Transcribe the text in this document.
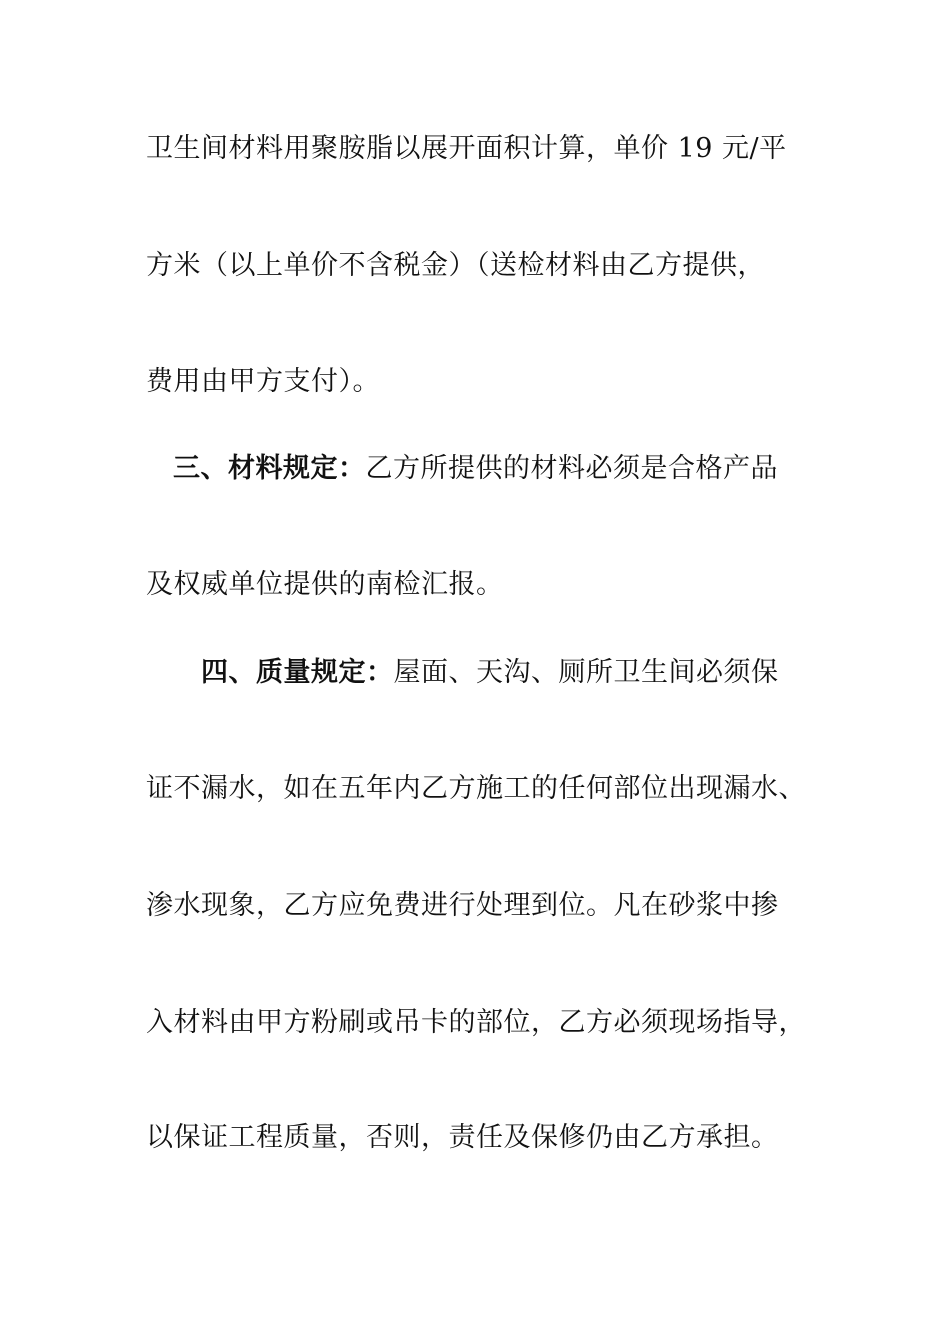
卫生间材料用聚胺脂以展开面积计算，单价 19 元/平
方米（以上单价不含税金）（送检材料由乙方提供，
费用由甲方支付）。
三、材料规定：乙方所提供的材料必须是合格产品
及权威单位提供的南检汇报。
四、质量规定：屋面、天沟、厕所卫生间必须保
证不漏水，如在五年内乙方施工的任何部位出现漏水、
渗水现象，乙方应免费进行处理到位。凡在砂浆中掺
入材料由甲方粉刷或吊卡的部位，乙方必须现场指导，
以保证工程质量，否则，责任及保修仍由乙方承担。
